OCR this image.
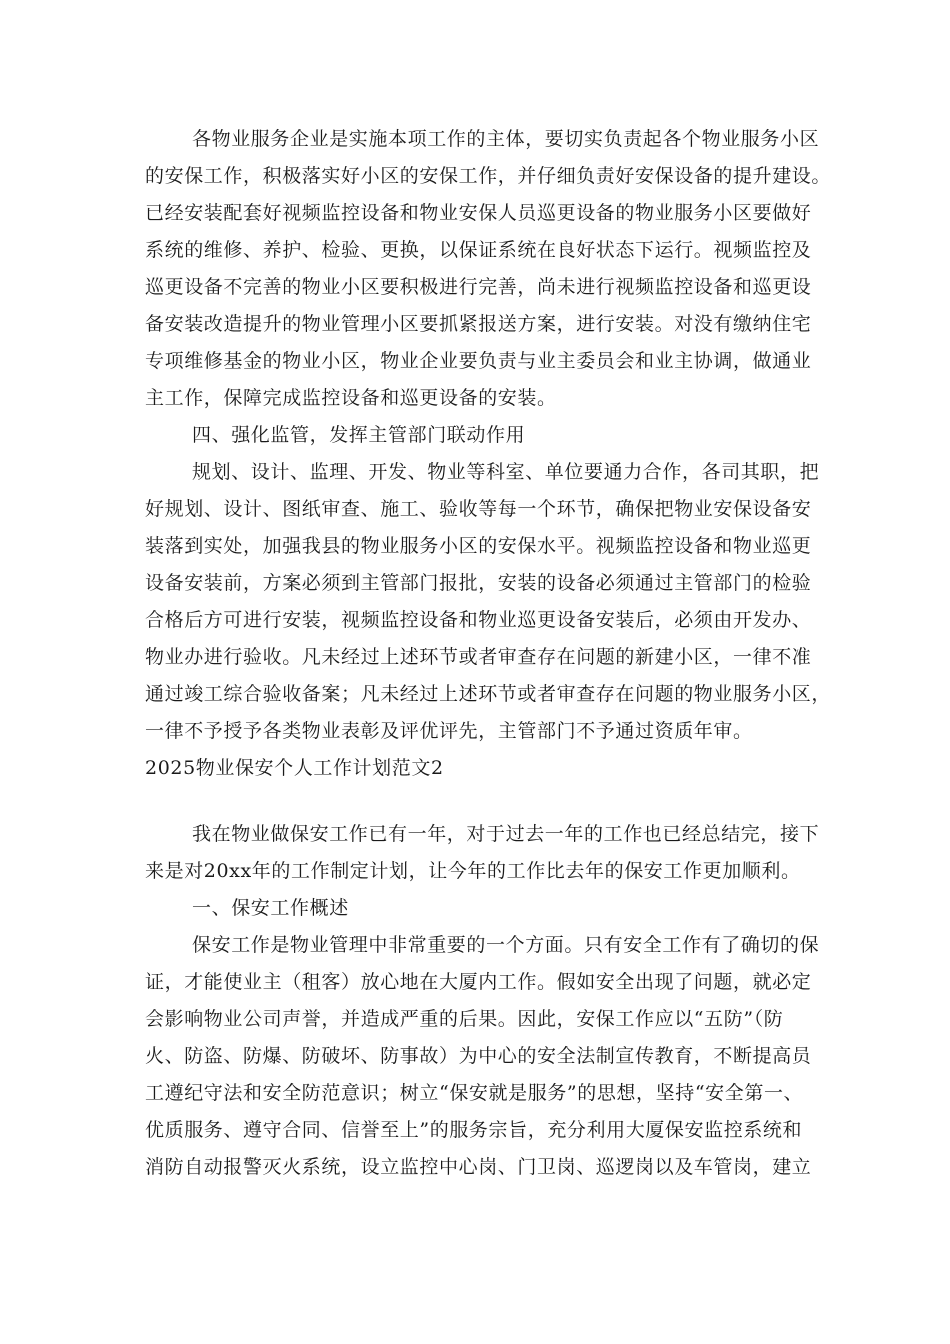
各物业服务企业是实施本项工作的主体，要切实负责起各个物业服务小区
的安保工作，积极落实好小区的安保工作，并仔细负责好安保设备的提升建设。
已经安装配套好视频监控设备和物业安保人员巡更设备的物业服务小区要做好
系统的维修、养护、检验、更换，以保证系统在良好状态下运行。视频监控及
巡更设备不完善的物业小区要积极进行完善，尚未进行视频监控设备和巡更设
备安装改造提升的物业管理小区要抓紧报送方案，进行安装。对没有缴纳住宅
专项维修基金的物业小区，物业企业要负责与业主委员会和业主协调，做通业
主工作，保障完成监控设备和巡更设备的安装。
四、强化监管，发挥主管部门联动作用
规划、设计、监理、开发、物业等科室、单位要通力合作，各司其职，把
好规划、设计、图纸审查、施工、验收等每一个环节，确保把物业安保设备安
装落到实处，加强我县的物业服务小区的安保水平。视频监控设备和物业巡更
设备安装前，方案必须到主管部门报批，安装的设备必须通过主管部门的检验
合格后方可进行安装，视频监控设备和物业巡更设备安装后，必须由开发办、
物业办进行验收。凡未经过上述环节或者审查存在问题的新建小区，一律不准
通过竣工综合验收备案；凡未经过上述环节或者审查存在问题的物业服务小区，
一律不予授予各类物业表彰及评优评先，主管部门不予通过资质年审。
2025物业保安个人工作计划范文2
我在物业做保安工作已有一年，对于过去一年的工作也已经总结完，接下
来是对20xx年的工作制定计划，让今年的工作比去年的保安工作更加顺利。
一、保安工作概述
保安工作是物业管理中非常重要的一个方面。只有安全工作有了确切的保
证，才能使业主（租客）放心地在大厦内工作。假如安全出现了问题，就必定
会影响物业公司声誉，并造成严重的后果。因此，安保工作应以“五防”（防
火、防盗、防爆、防破坏、防事故）为中心的安全法制宣传教育，不断提高员
工遵纪守法和安全防范意识；树立“保安就是服务”的思想，坚持“安全第一、
优质服务、遵守合同、信誉至上”的服务宗旨，充分利用大厦保安监控系统和
消防自动报警灭火系统，设立监控中心岗、门卫岗、巡逻岗以及车管岗，建立
